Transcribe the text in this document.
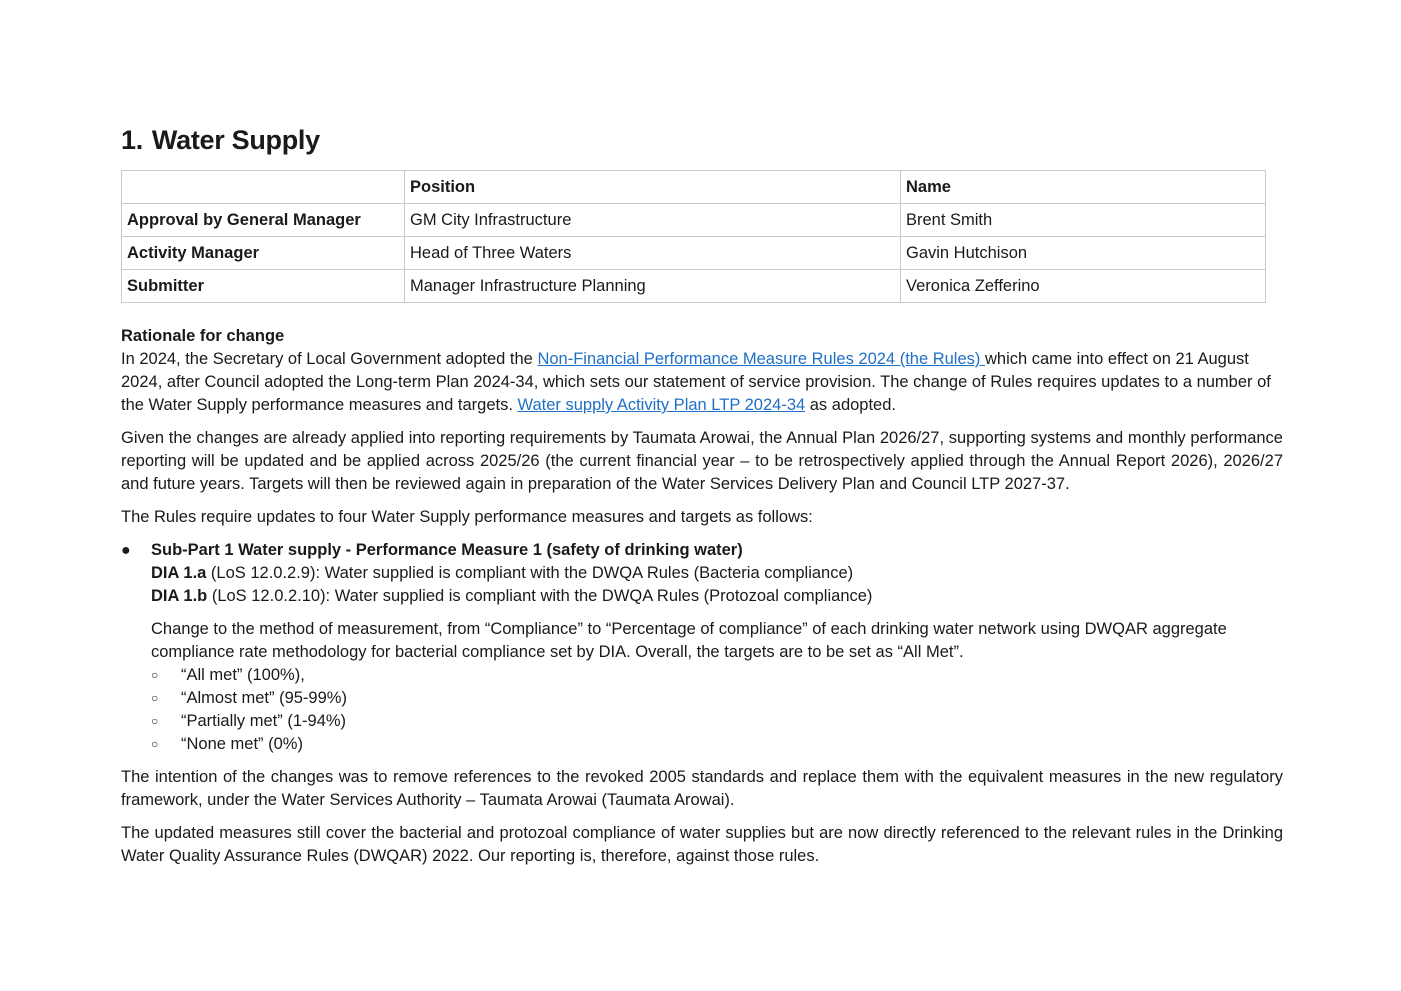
1. Water Supply
	Position	Name
Approval by General Manager	GM City Infrastructure	Brent Smith
Activity Manager	Head of Three Waters	Gavin Hutchison
Submitter	Manager Infrastructure Planning	Veronica Zefferino
Rationale for change

In 2024, the Secretary of Local Government adopted the Non-Financial Performance Measure Rules 2024 (the Rules) which came into effect on 21 August 2024, after Council adopted the Long-term Plan 2024-34, which sets our statement of service provision. The change of Rules requires updates to a number of the Water Supply performance measures and targets. Water supply Activity Plan LTP 2024-34 as adopted.

Given the changes are already applied into reporting requirements by Taumata Arowai, the Annual Plan 2026/27, supporting systems and monthly performance reporting will be updated and be applied across 2025/26 (the current financial year – to be retrospectively applied through the Annual Report 2026), 2026/27 and future years. Targets will then be reviewed again in preparation of the Water Services Delivery Plan and Council LTP 2027-37.

The Rules require updates to four Water Supply performance measures and targets as follows:

● Sub-Part 1 Water supply - Performance Measure 1 (safety of drinking water)
DIA 1.a (LoS 12.0.2.9): Water supplied is compliant with the DWQA Rules (Bacteria compliance)
DIA 1.b (LoS 12.0.2.10): Water supplied is compliant with the DWQA Rules (Protozoal compliance)

Change to the method of measurement, from “Compliance” to “Percentage of compliance” of each drinking water network using DWQAR aggregate compliance rate methodology for bacterial compliance set by DIA. Overall, the targets are to be set as “All Met”.

○ “All met” (100%),
○ “Almost met” (95-99%)
○ “Partially met” (1-94%)
○ “None met” (0%)

The intention of the changes was to remove references to the revoked 2005 standards and replace them with the equivalent measures in the new regulatory framework, under the Water Services Authority – Taumata Arowai (Taumata Arowai).

The updated measures still cover the bacterial and protozoal compliance of water supplies but are now directly referenced to the relevant rules in the Drinking Water Quality Assurance Rules (DWQAR) 2022. Our reporting is, therefore, against those rules.
